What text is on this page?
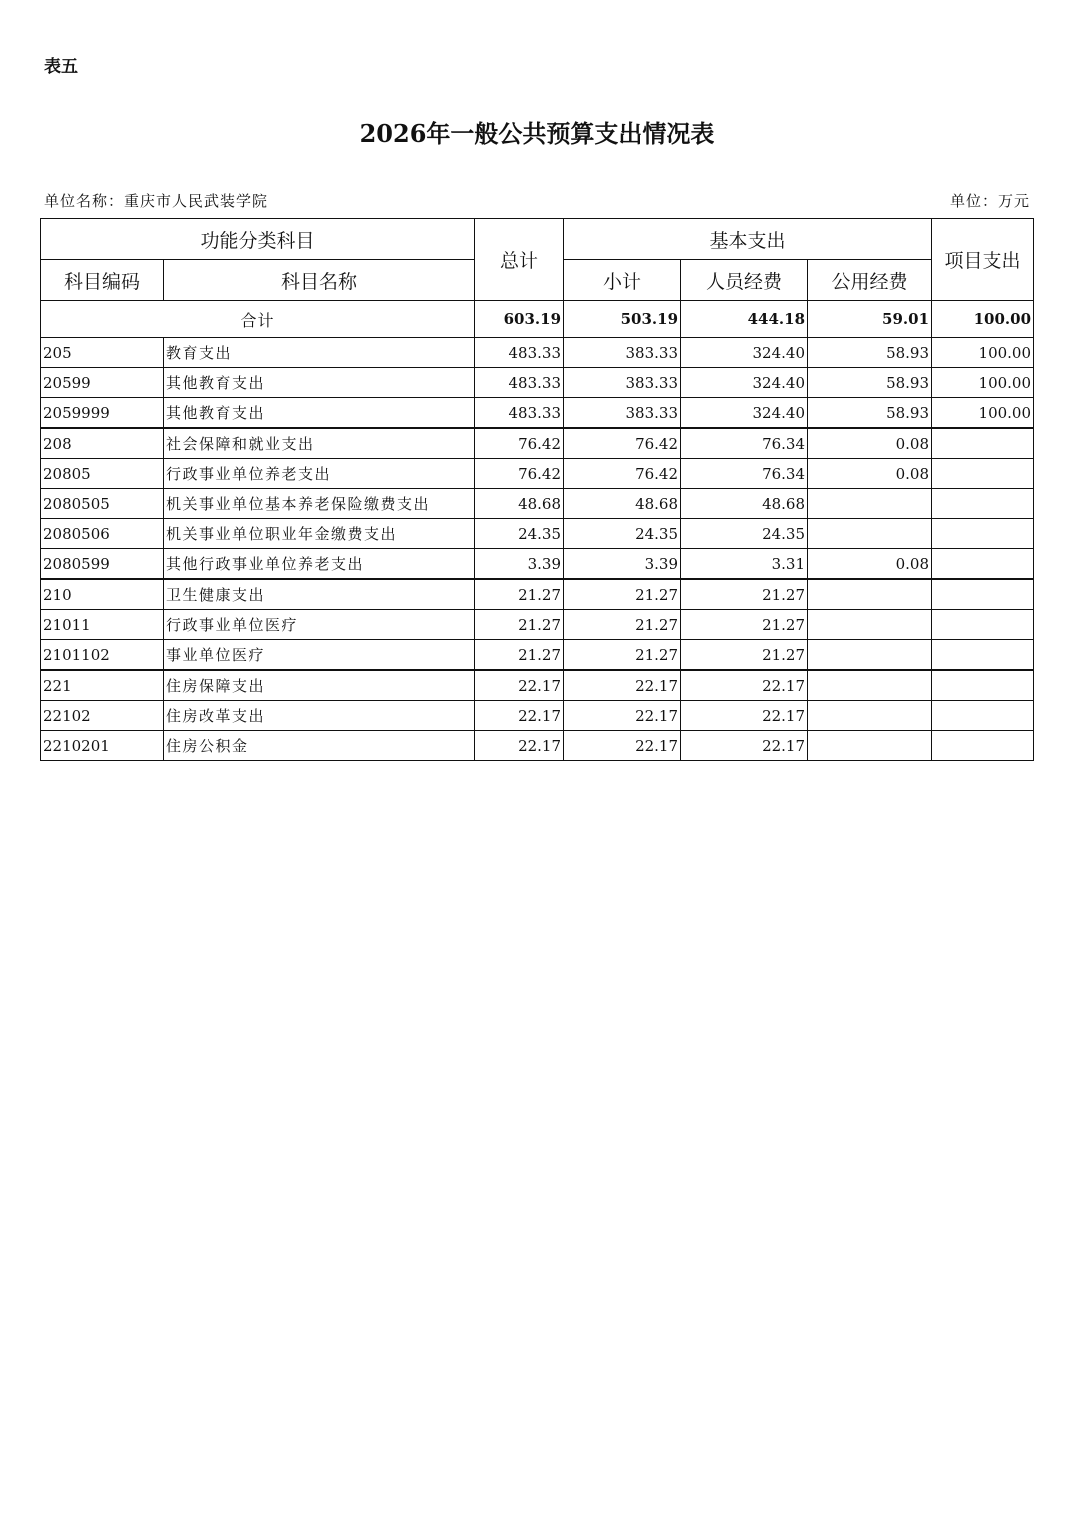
表五
2026年一般公共预算支出情况表
单位名称：重庆市人民武装学院	单位：万元
功能分类科目		总计	基本支出			项目支出
科目编码	科目名称		小计	人员经费	公用经费	
合计		603.19	503.19	444.18	59.01	100.00
205	教育支出	483.33	383.33	324.40	58.93	100.00
20599	其他教育支出	483.33	383.33	324.40	58.93	100.00
2059999	其他教育支出	483.33	383.33	324.40	58.93	100.00
208	社会保障和就业支出	76.42	76.42	76.34	0.08	
20805	行政事业单位养老支出	76.42	76.42	76.34	0.08	
2080505	机关事业单位基本养老保险缴费支出	48.68	48.68	48.68		
2080506	机关事业单位职业年金缴费支出	24.35	24.35	24.35		
2080599	其他行政事业单位养老支出	3.39	3.39	3.31	0.08	
210	卫生健康支出	21.27	21.27	21.27		
21011	行政事业单位医疗	21.27	21.27	21.27		
2101102	事业单位医疗	21.27	21.27	21.27		
221	住房保障支出	22.17	22.17	22.17		
22102	住房改革支出	22.17	22.17	22.17		
2210201	住房公积金	22.17	22.17	22.17		
